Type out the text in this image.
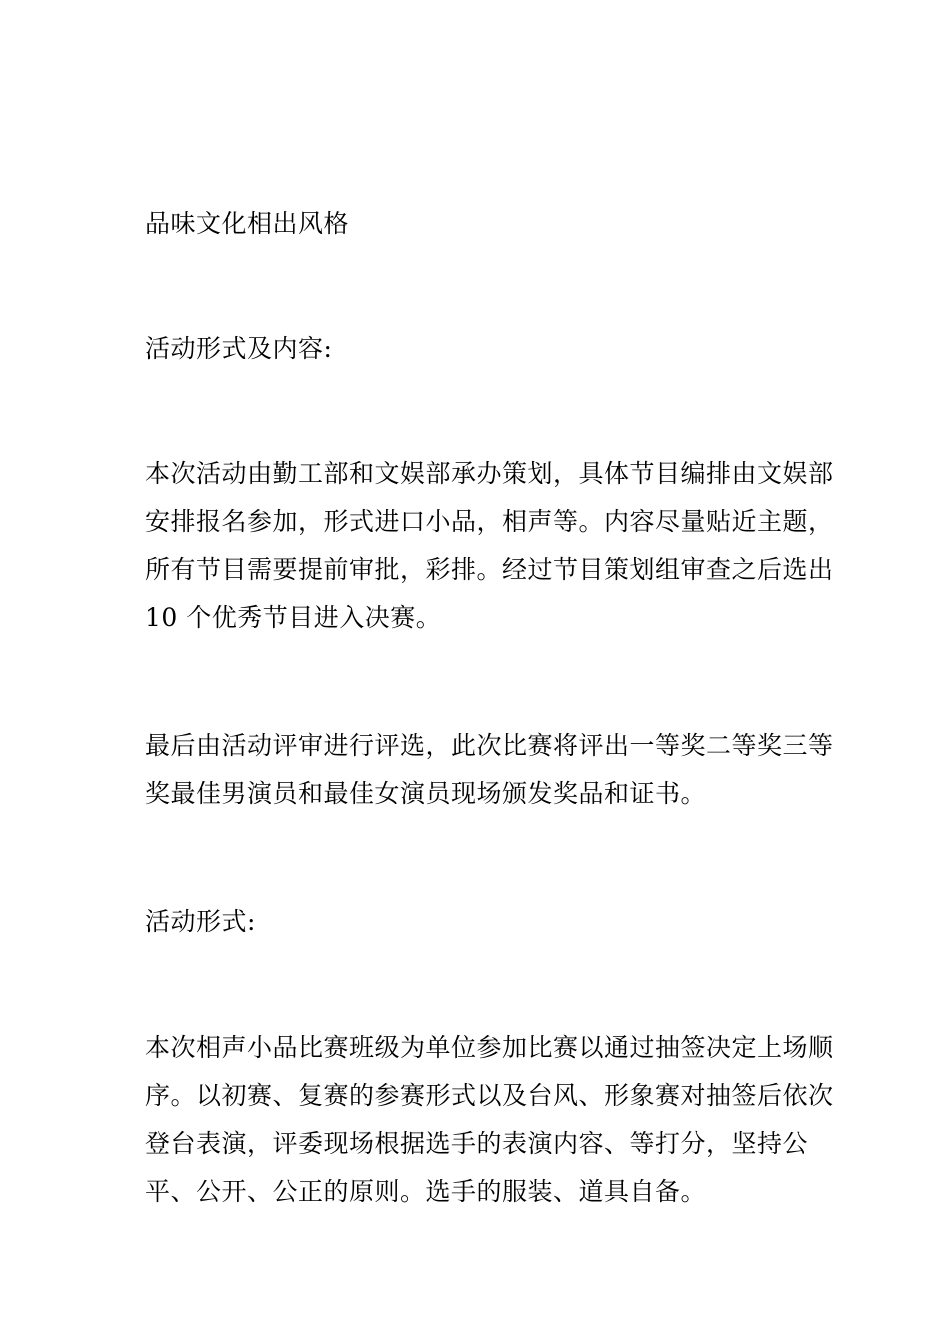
品味文化相出风格

活动形式及内容:

本次活动由勤工部和文娱部承办策划，具体节目编排由文娱部安排报名参加，形式进口小品，相声等。内容尽量贴近主题，所有节目需要提前审批，彩排。经过节目策划组审查之后选出 10 个优秀节目进入决赛。

最后由活动评审进行评选，此次比赛将评出一等奖二等奖三等奖最佳男演员和最佳女演员现场颁发奖品和证书。

活动形式:

本次相声小品比赛班级为单位参加比赛以通过抽签决定上场顺序。以初赛、复赛的参赛形式以及台风、形象赛对抽签后依次登台表演，评委现场根据选手的表演内容、等打分，坚持公平、公开、公正的原则。选手的服装、道具自备。
